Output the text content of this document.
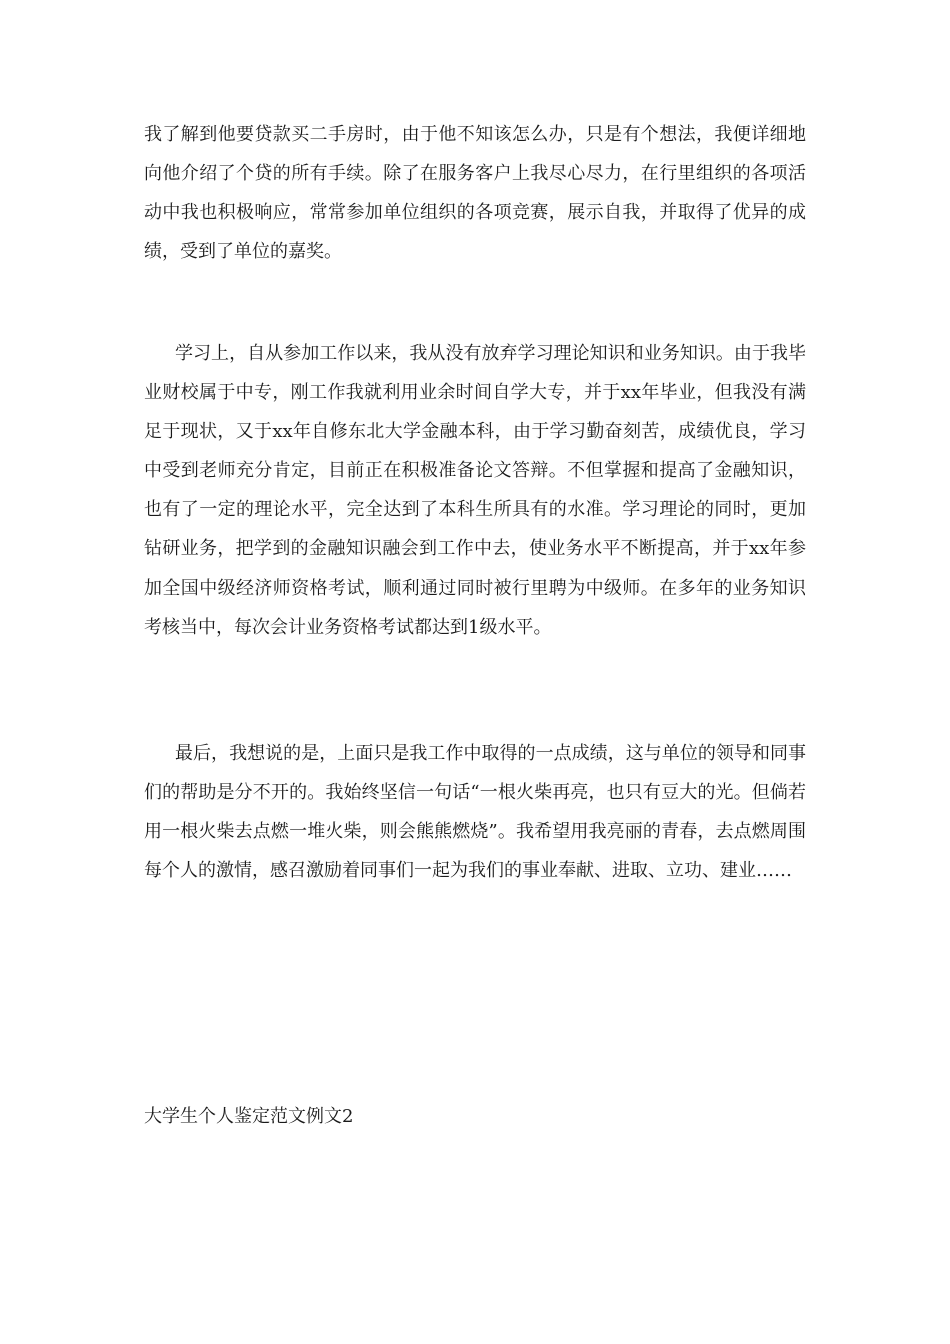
我了解到他要贷款买二手房时，由于他不知该怎么办，只是有个想法，我便详细地向他介绍了个贷的所有手续。除了在服务客户上我尽心尽力，在行里组织的各项活动中我也积极响应，常常参加单位组织的各项竞赛，展示自我，并取得了优异的成绩，受到了单位的嘉奖。

学习上，自从参加工作以来，我从没有放弃学习理论知识和业务知识。由于我毕业财校属于中专，刚工作我就利用业余时间自学大专，并于xx年毕业，但我没有满足于现状，又于xx年自修东北大学金融本科，由于学习勤奋刻苦，成绩优良，学习中受到老师充分肯定，目前正在积极准备论文答辩。不但掌握和提高了金融知识，也有了一定的理论水平，完全达到了本科生所具有的水准。学习理论的同时，更加钻研业务，把学到的金融知识融会到工作中去，使业务水平不断提高，并于xx年参加全国中级经济师资格考试，顺利通过同时被行里聘为中级师。在多年的业务知识考核当中，每次会计业务资格考试都达到1级水平。

最后，我想说的是，上面只是我工作中取得的一点成绩，这与单位的领导和同事们的帮助是分不开的。我始终坚信一句话“一根火柴再亮，也只有豆大的光。但倘若用一根火柴去点燃一堆火柴，则会熊熊燃烧”。我希望用我亮丽的青春，去点燃周围每个人的激情，感召激励着同事们一起为我们的事业奉献、进取、立功、建业……

大学生个人鉴定范文例文2
